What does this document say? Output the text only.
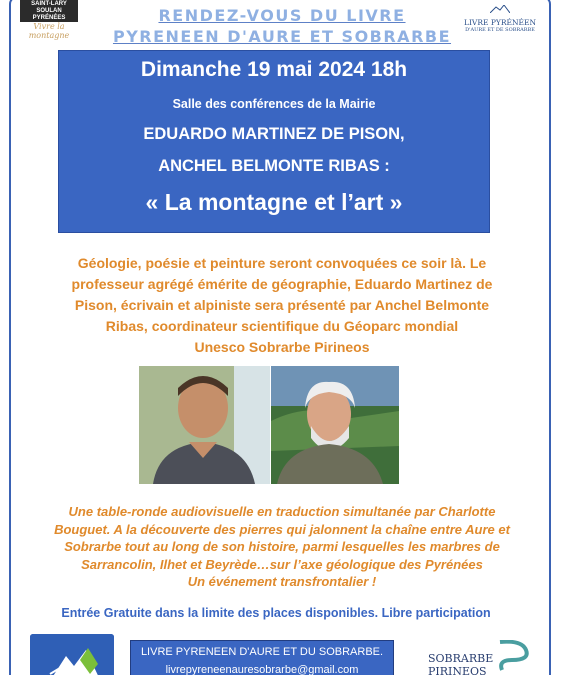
SAINT-LARY
SOULAN
PYRÉNÉES
Vivre la montagne
LIVRE PYRÉNÉEN
D'AURE ET DE SOBRARBE
RENDEZ-VOUS DU LIVRE
PYRENEEN D'AURE ET SOBRARBE
Dimanche 19 mai 2024 18h
Salle des conférences de la Mairie
EDUARDO MARTINEZ DE PISON,
ANCHEL BELMONTE RIBAS :
« La montagne et l’art »
Géologie, poésie et peinture seront convoquées ce soir là. Le
professeur agrégé émérite de géographie, Eduardo Martinez de
Pison, écrivain et alpiniste sera présenté par Anchel Belmonte
Ribas, coordinateur scientifique du Géoparc mondial
Unesco Sobrarbe Pirineos
Une table-ronde audiovisuelle en traduction simultanée par Charlotte
Bouguet. A la découverte des pierres qui jalonnent la chaîne entre Aure et
Sobrarbe tout au long de son histoire, parmi lesquelles les marbres de
Sarrancolin, Ilhet et Beyrède…sur l’axe géologique des Pyrénées
Un événement transfrontalier !
Entrée Gratuite dans la limite des places disponibles. Libre participation
LIVRE PYRENEEN D'AURE ET DU SOBRARBE.
livrepyreneenauresobrarbe@gmail.com
SOBRARBE
PIRINEOS
